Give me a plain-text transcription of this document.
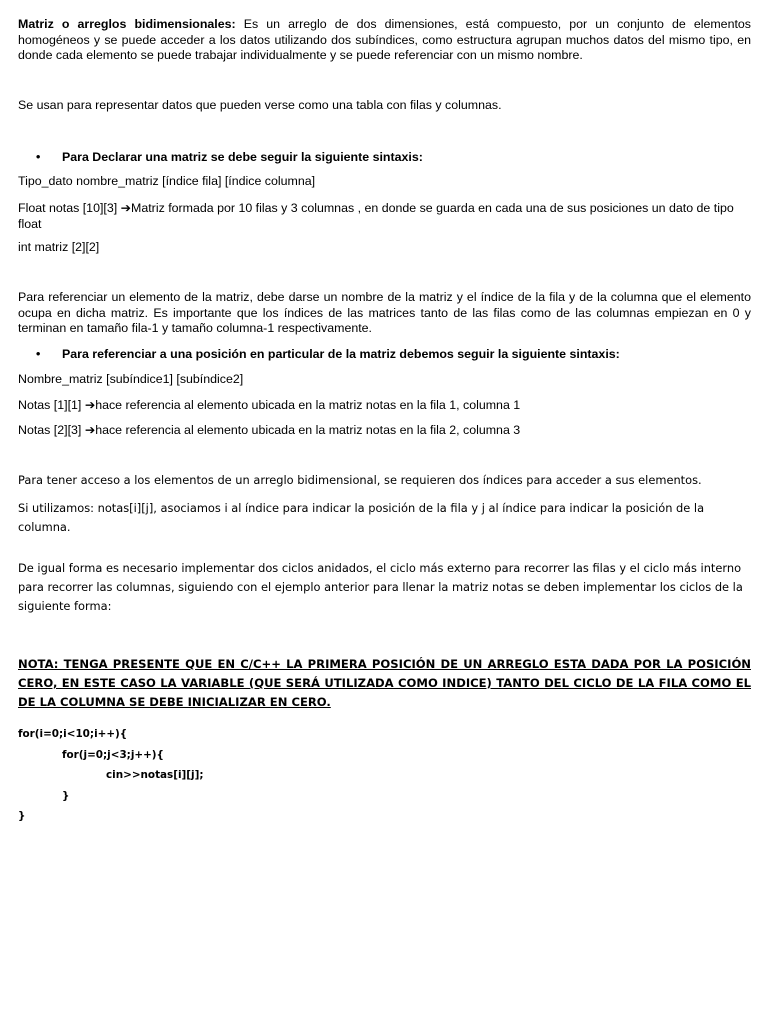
Matriz o arreglos bidimensionales: Es un arreglo de dos dimensiones, está compuesto, por un conjunto de elementos homogéneos y se puede acceder a los datos utilizando dos subíndices, como estructura agrupan muchos datos del mismo tipo, en donde cada elemento se puede trabajar individualmente y se puede referenciar con un mismo nombre.

Se usan para representar datos que pueden verse como una tabla con filas y columnas.

• Para Declarar una matriz se debe seguir la siguiente sintaxis:

Tipo_dato nombre_matriz [índice fila] [índice columna]

Float notas [10][3] ➔Matriz formada por 10 filas y 3 columnas , en donde se guarda en cada una de sus posiciones un dato de tipo float

int matriz [2][2]

Para referenciar un elemento de la matriz, debe darse un nombre de la matriz y el índice de la fila y de la columna que el elemento ocupa en dicha matriz. Es importante que los índices de las matrices tanto de las filas como de las columnas empiezan en 0 y terminan en tamaño fila-1 y tamaño columna-1 respectivamente.

• Para referenciar a una posición en particular de la matriz debemos seguir la siguiente sintaxis:

Nombre_matriz [subíndice1] [subíndice2]

Notas [1][1] ➔hace referencia al elemento ubicada en la matriz notas en la fila 1, columna 1

Notas [2][3] ➔hace referencia al elemento ubicada en la matriz notas en la fila 2, columna 3

Para tener acceso a los elementos de un arreglo bidimensional, se requieren dos índices para acceder a sus elementos.

Si utilizamos: notas[i][j], asociamos i al índice para indicar la posición de la fila y j al índice para indicar la posición de la columna.

De igual forma es necesario implementar dos ciclos anidados, el ciclo más externo para recorrer las filas y el ciclo más interno para recorrer las columnas, siguiendo con el ejemplo anterior para llenar la matriz notas se deben implementar los ciclos de la siguiente forma:

NOTA: TENGA PRESENTE QUE EN C/C++ LA PRIMERA POSICIÓN DE UN ARREGLO ESTA DADA POR LA POSICIÓN CERO, EN ESTE CASO LA VARIABLE (QUE SERÁ UTILIZADA COMO INDICE) TANTO DEL CICLO DE LA FILA COMO EL DE LA COLUMNA SE DEBE INICIALIZAR EN CERO.

for(i=0;i<10;i++){
for(j=0;j<3;j++){
cin>>notas[i][j];
}
}
